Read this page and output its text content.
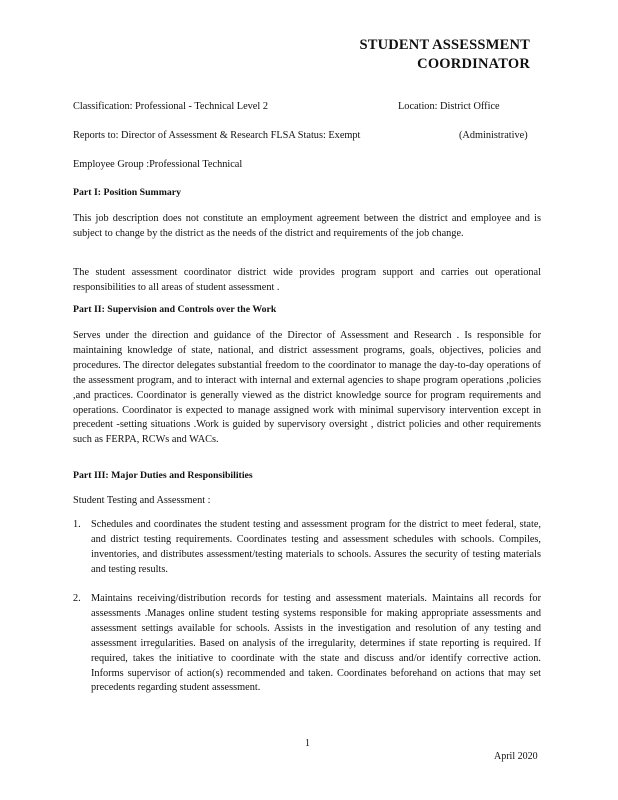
STUDENT ASSESSMENT
COORDINATOR
Classification: Professional - Technical Level 2	Location: District Office
Reports to: Director of Assessment & Research FLSA Status: Exempt	(Administrative)
Employee Group :Professional Technical
Part I: Position Summary
This job description does not constitute an employment agreement between the district and employee and is subject to change by the district as the needs of the district and requirements of the job change.
The student assessment coordinator district wide provides program support and carries out operational responsibilities to all areas of student assessment .
Part II: Supervision and Controls over the Work
Serves under the direction and guidance of the Director of Assessment and Research . Is responsible for maintaining knowledge of state, national, and district assessment programs, goals, objectives, policies and procedures. The director delegates substantial freedom to the coordinator to manage the day-to-day operations of the assessment program, and to interact with internal and external agencies to shape program operations ,policies ,and practices. Coordinator is generally viewed as the district knowledge source for program requirements and operations. Coordinator is expected to manage assigned work with minimal supervisory intervention except in precedent -setting situations .Work is guided by supervisory oversight , district policies and other requirements such as FERPA, RCWs and WACs.
Part III: Major Duties and Responsibilities
Student Testing and Assessment :
1. Schedules and coordinates the student testing and assessment program for the district to meet federal, state, and district testing requirements. Coordinates testing and assessment schedules with schools. Compiles, inventories, and distributes assessment/testing materials to schools. Assures the security of testing materials and testing results.
2. Maintains receiving/distribution records for testing and assessment materials. Maintains all records for assessments .Manages online student testing systems responsible for making appropriate assessments and assessment settings available for schools. Assists in the investigation and resolution of any testing and assessment irregularities. Based on analysis of the irregularity, determines if state reporting is required. If required, takes the initiative to coordinate with the state and discuss and/or identify corrective action. Informs supervisor of action(s) recommended and taken. Coordinates beforehand on actions that may set precedents regarding student assessment.
1
April 2020
